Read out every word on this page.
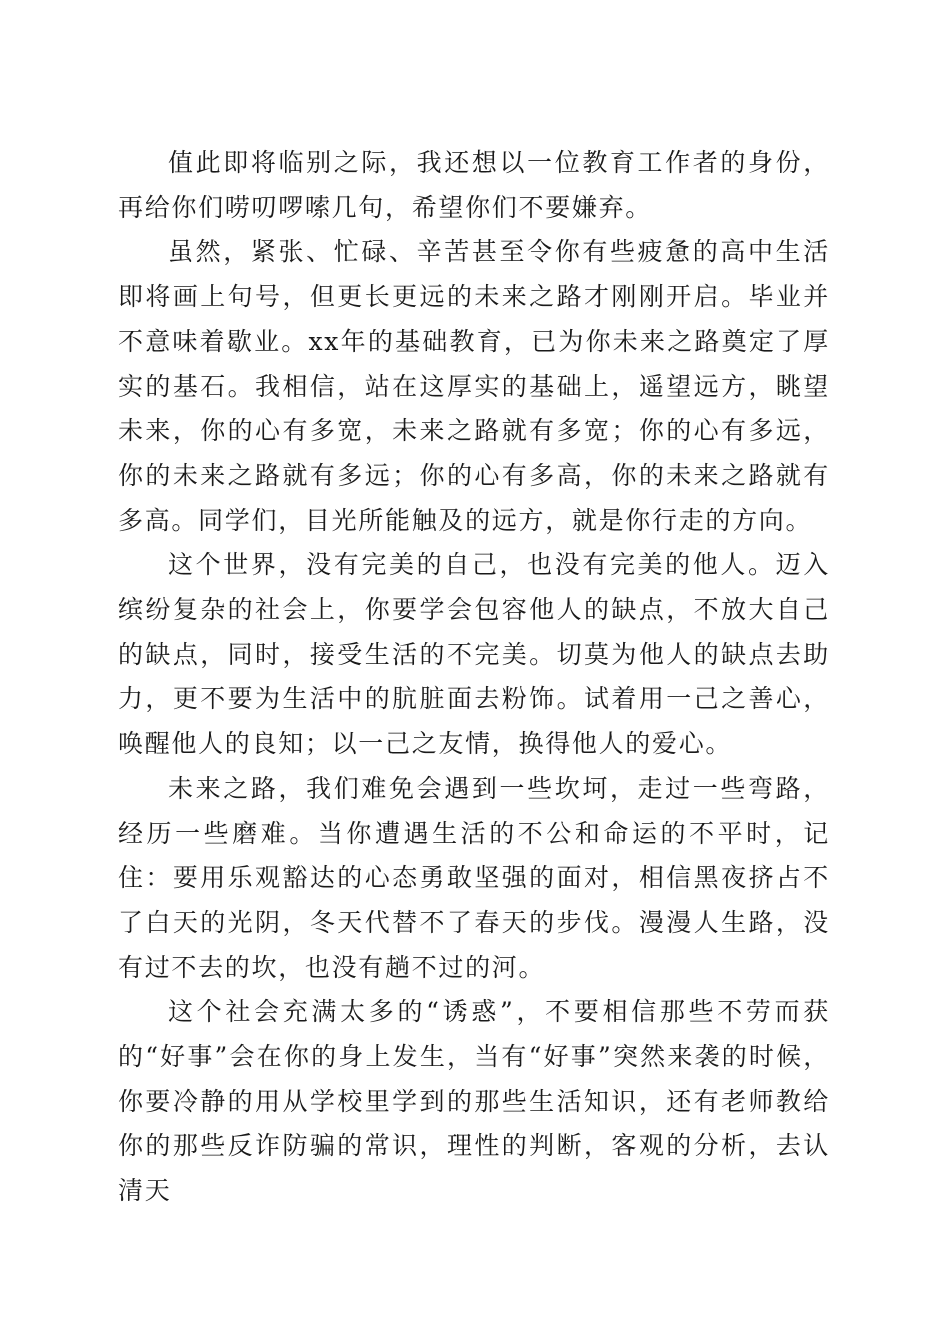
值此即将临别之际，我还想以一位教育工作者的身份，再给你们唠叨啰嗦几句，希望你们不要嫌弃。

虽然，紧张、忙碌、辛苦甚至令你有些疲惫的高中生活即将画上句号，但更长更远的未来之路才刚刚开启。毕业并不意味着歇业。xx年的基础教育，已为你未来之路奠定了厚实的基石。我相信，站在这厚实的基础上，遥望远方，眺望未来，你的心有多宽，未来之路就有多宽；你的心有多远，你的未来之路就有多远；你的心有多高，你的未来之路就有多高。同学们，目光所能触及的远方，就是你行走的方向。

这个世界，没有完美的自己，也没有完美的他人。迈入缤纷复杂的社会上，你要学会包容他人的缺点，不放大自己的缺点，同时，接受生活的不完美。切莫为他人的缺点去助力，更不要为生活中的肮脏面去粉饰。试着用一己之善心，唤醒他人的良知；以一己之友情，换得他人的爱心。

未来之路，我们难免会遇到一些坎坷，走过一些弯路，经历一些磨难。当你遭遇生活的不公和命运的不平时，记住：要用乐观豁达的心态勇敢坚强的面对，相信黑夜挤占不了白天的光阴，冬天代替不了春天的步伐。漫漫人生路，没有过不去的坎，也没有趟不过的河。

这个社会充满太多的“诱惑”，不要相信那些不劳而获的“好事”会在你的身上发生，当有“好事”突然来袭的时候，你要冷静的用从学校里学到的那些生活知识，还有老师教给你的那些反诈防骗的常识，理性的判断，客观的分析，去认清天
